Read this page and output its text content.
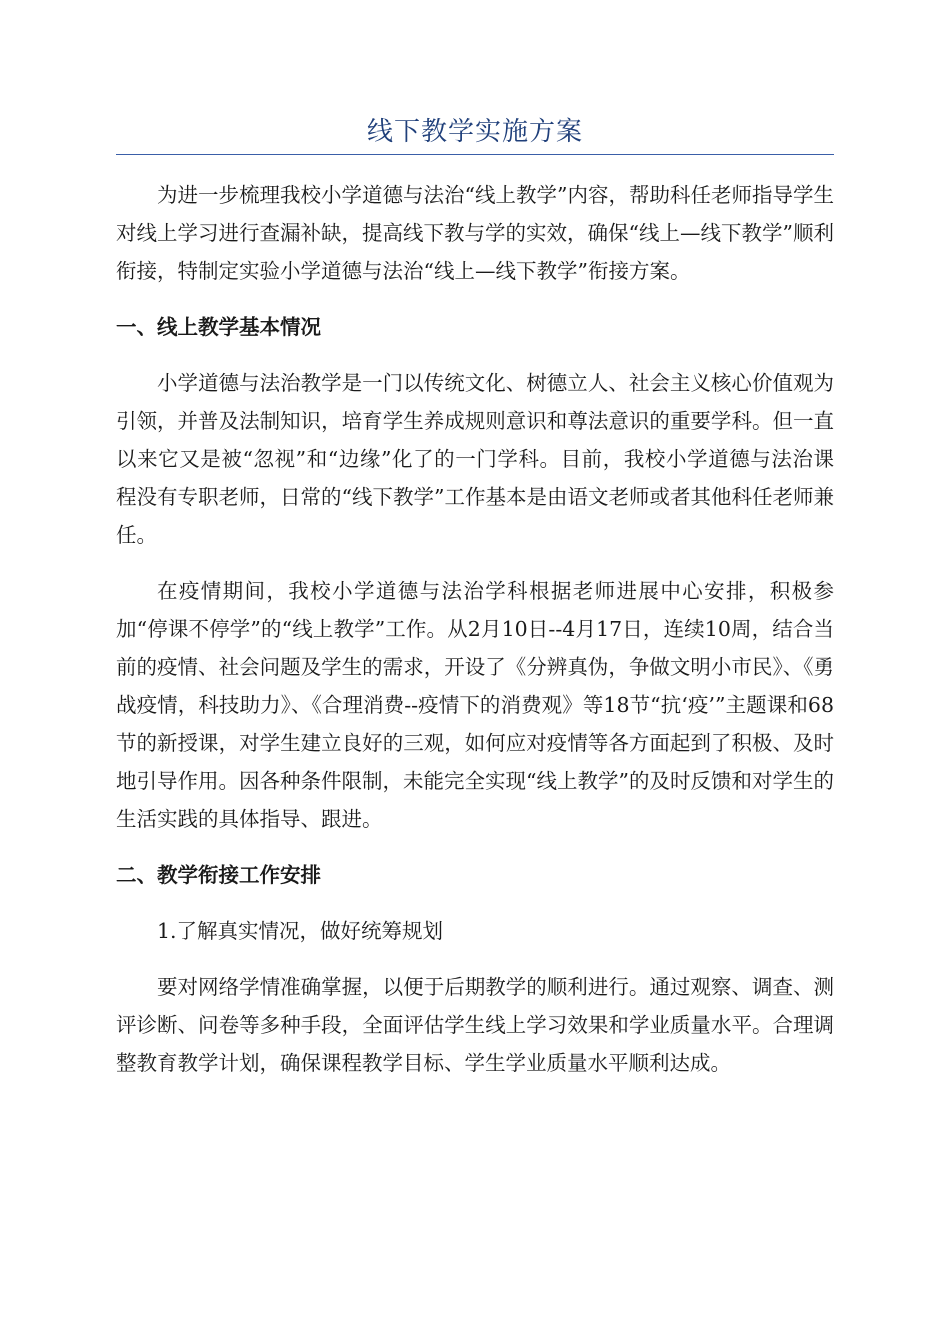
线下教学实施方案

为进一步梳理我校小学道德与法治“线上教学”内容，帮助科任老师指导学生对线上学习进行查漏补缺，提高线下教与学的实效，确保“线上—线下教学”顺利衔接，特制定实验小学道德与法治“线上—线下教学”衔接方案。

一、线上教学基本情况

小学道德与法治教学是一门以传统文化、树德立人、社会主义核心价值观为引领，并普及法制知识，培育学生养成规则意识和尊法意识的重要学科。但一直以来它又是被“忽视”和“边缘”化了的一门学科。目前，我校小学道德与法治课程没有专职老师，日常的“线下教学”工作基本是由语文老师或者其他科任老师兼任。

在疫情期间，我校小学道德与法治学科根据老师进展中心安排，积极参加“停课不停学”的“线上教学”工作。从2月10日--4月17日，连续10周，结合当前的疫情、社会问题及学生的需求，开设了《分辨真伪，争做文明小市民》、《勇战疫情，科技助力》、《合理消费--疫情下的消费观》等18节“抗‘疫’”主题课和68节的新授课，对学生建立良好的三观，如何应对疫情等各方面起到了积极、及时地引导作用。因各种条件限制，未能完全实现“线上教学”的及时反馈和对学生的生活实践的具体指导、跟进。

二、教学衔接工作安排
1.了解真实情况，做好统筹规划

要对网络学情准确掌握，以便于后期教学的顺利进行。通过观察、调查、测评诊断、问卷等多种手段，全面评估学生线上学习效果和学业质量水平。合理调整教育教学计划，确保课程教学目标、学生学业质量水平顺利达成。
